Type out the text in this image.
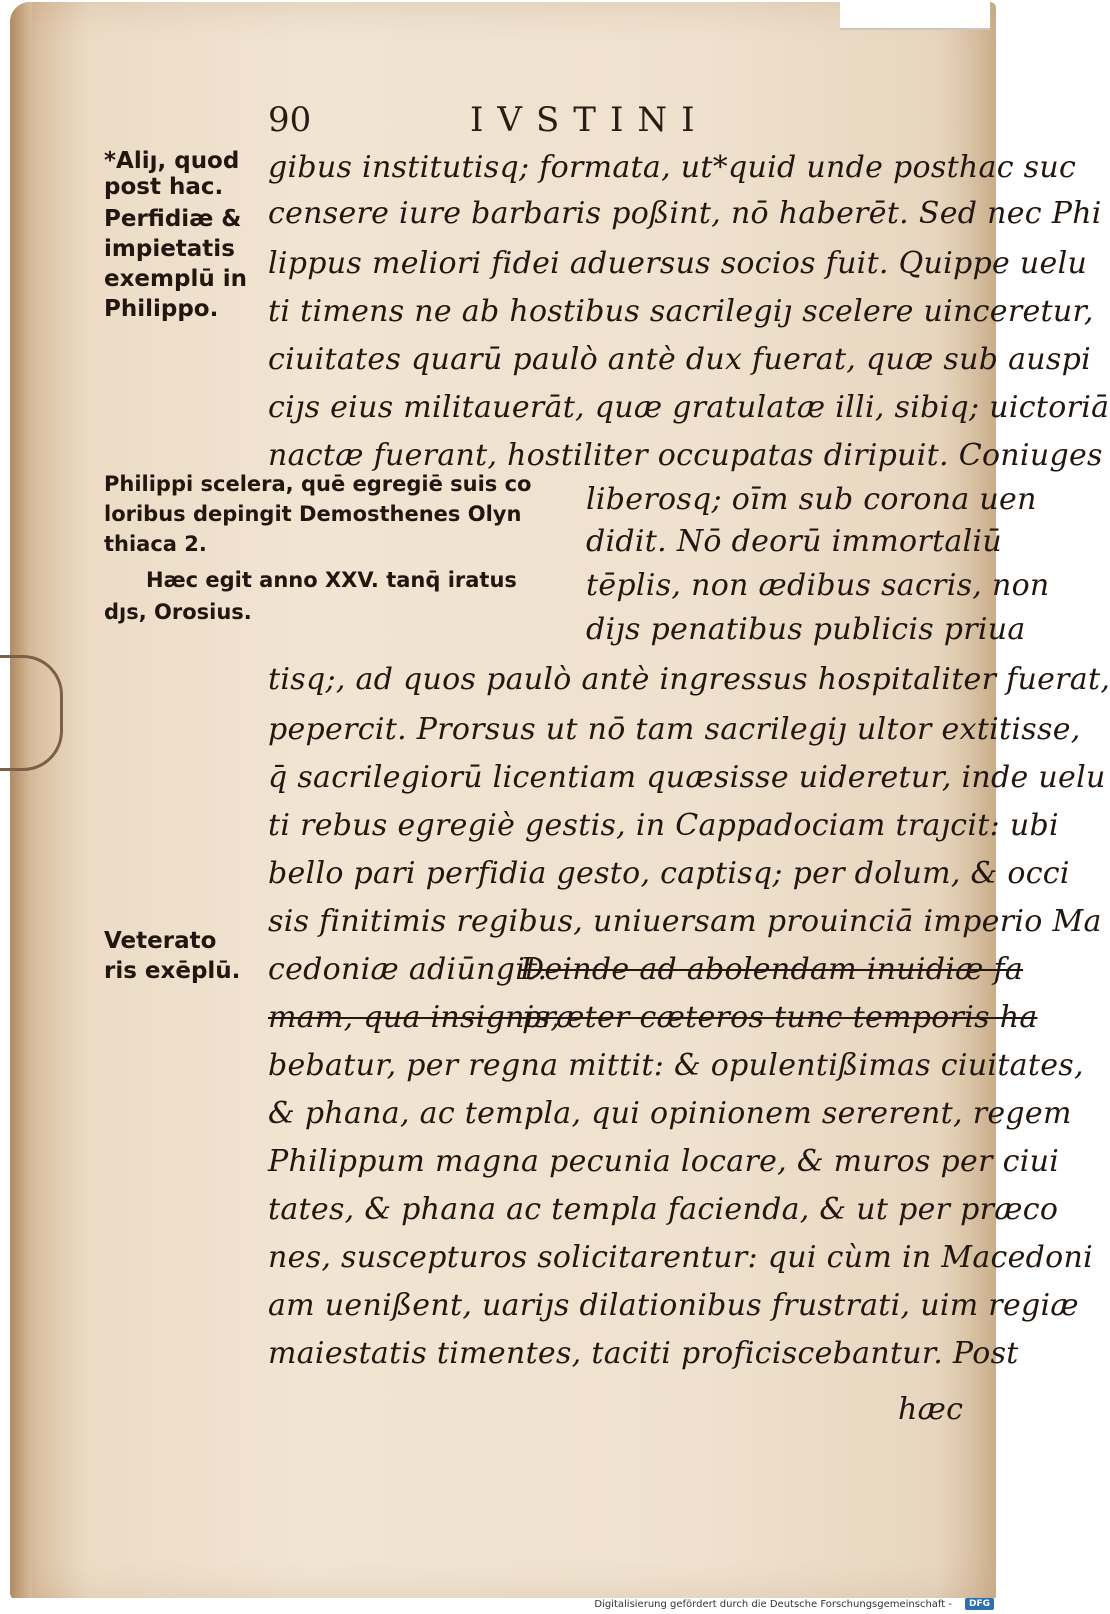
90	IVSTINI
*Aliȷ, quod
post hac.
Perfidiæ &
impietatis
exemplū in
Philippo.
Philippi scelera, quē egregiē suis co
loribus depingit Demosthenes Olyn
thiaca 2.
Hæc egit anno XXV. tanq̄ iratus
dȷs, Orosius.
Veterato
ris exēplū.
gibus institutisq; formata, ut*quid unde posthac suc
censere iure barbaris poßint, nō haberēt. Sed nec Phi
lippus meliori fidei aduersus socios fuit. Quippe uelu
ti timens ne ab hostibus sacrilegiȷ scelere uinceretur,
ciuitates quarū paulò antè dux fuerat, quæ sub auspi
ciȷs eius militauerāt, quæ gratulatæ illi, sibiq; uictoriā
nactæ fuerant, hostiliter occupatas diripuit. Coniuges
liberosq; oīm sub corona uen
didit. Nō deorū immortaliū
tēplis, non ædibus sacris, non
diȷs penatibus publicis priua
tisq;, ad quos paulò antè ingressus hospitaliter fuerat,
pepercit. Prorsus ut nō tam sacrilegiȷ ultor extitisse,
q̄ sacrilegiorū licentiam quæsisse uideretur, inde uelu
ti rebus egregiè gestis, in Cappadociam traȷcit: ubi
bello pari perfidia gesto, captisq; per dolum, & occi
sis finitimis regibus, uniuersam prouinciā imperio Ma
cedoniæ adiūngit.
Deinde ad abolendam inuidiæ fa
mam, qua insignis,
præter cæteros tunc temporis ha
bebatur, per regna mittit: & opulentißimas ciuitates,
& phana, ac templa, qui opinionem sererent, regem
Philippum magna pecunia locare, & muros per ciui
tates, & phana ac templa facienda, & ut per præco
nes, suscepturos solicitarentur: qui cùm in Macedoni
am uenißent, uariȷs dilationibus frustrati, uim regiæ
maiestatis timentes, taciti proficiscebantur. Post
hæc
Digitalisierung gefördert durch die Deutsche Forschungsgemeinschaft -	DFG
